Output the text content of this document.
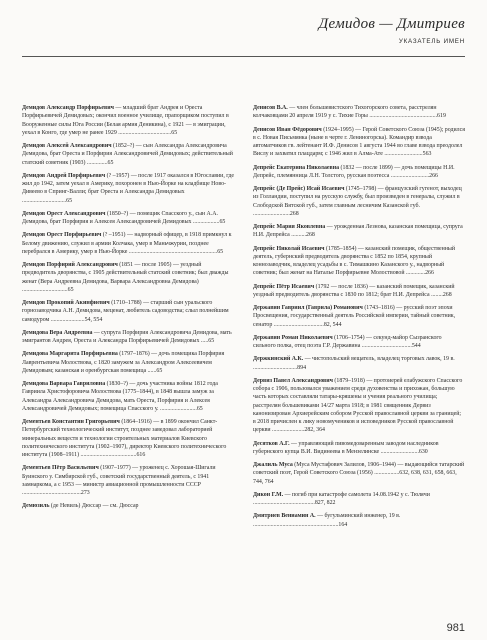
Демидов — Дмитриев
УКАЗАТЕЛЬ ИМЕН

Демидов Александр Порфирьевич — младший брат Андрея и Ореста Порфирьевичей Демидовых; окончил военное училище, прапорщиком поступил в Вооруженные силы Юга России (Белая армия Деникина), с 1921 — в эмиграции, уехал в Конго, где умер не ранее 1929 ....................................65

Демидов Алексей Александрович (1852–?) — сын Александра Александровича Демидова, брат Ореста и Порфирия Александровичей Демидовых; действительный статский советник (1903) ..............65

Демидов Андрей Порфирьевич (? –1957) — после 1917 оказался в Югославии, где жил до 1942, затем уехал в Америку, похоронен в Нью-Йорке на кладбище Ново-Дивеево в Спринг-Валли; брат Ореста и Александра Демидовых ..............................65

Демидов Орест Александрович (1850–?) — помещик Спасского у., сын А.А. Демидова, брат Порфирия и Алексея Александровичей Демидовых ..................65

Демидов Орест Порфирьевич (? –1951) — надворный офицер, в 1918 примкнул к Белому движению, служил в армии Колчака, умер в Маньчжурии, позднее перебрался в Америку, умер в Нью-Йорке ............................................................65

Демидов Порфирий Александрович (1851 — после 1905) — уездный предводитель дворянства, с 1905 действительный статский советник; был дважды женат (Вера Андреевна Демидова, Варвара Александровна Демидова) ...............................65

Демидов Прокопий Акинфиевич (1710–1788) — старший сын уральского горнозаводчика А.Н. Демидова, меценат, любитель садоводства; слыл полнейшим самодуром .......................54, 554

Демидова Вера Андреевна — супруга Порфирия Александровича Демидова, мать эмигрантов Андрея, Ореста и Александра Порфирьевичей Демидовых .....65

Демидова Маргарита Порфирьевна (1797–1876) — дочь помещика Порфирия Лаврентьевича Молоствова, с 1820 замужем за Александром Алексеевичем Демидовым; казанская и оренбургская помещица ......65

Демидова Варвара Гавриловна (1830–?) — дочь участника войны 1812 года Гавриила Христофоровича Молоствова (1775–1844), в 1848 вышла замуж за Александра Александровича Демидова, мать Ореста, Порфирия и Алексея Александровичей Демидовых; помещица Спасского у. .........................65

Дементьев Константин Григорьевич (1864–1916) — в 1899 окончил Санкт-Петербургский технологический институт, позднее заведовал лабораторией минеральных веществ и технологии строительных материалов Киевского политехнического института (1902–1907), директор Киевского политехнического института (1908–1911) ......................................616

Дементьев Пётр Васильевич (1907–1977) — уроженец с. Хорошая-Шигали Буинского у. Симбирской губ., советский государственный деятель, с 1941 замнаркома, а с 1953 — министр авиационной промышленности СССР ........................................273

Демюзиль (де Невиль) Дюссар — см. Дюссар

Денисов В.А. — член большевистского Тихогорского совета, расстрелян колчаковцами 20 апреля 1919 у с. Тихие Горы ..............................................619

Денисов Иван Фёдорович (1924–1995) — Герой Советского Союза (1945); родился в с. Новая Письмянка (ныне в черте г. Лениногорска). Командир взвода автоматчиков гв. лейтенант И.Ф. Денисов 1 августа 1944 во главе взвода преодолел Вислу и захватил плацдарм; с 1946 жил в Алма-Ате ..........................563

Депрейс Екатерина Николаевна (1832 — после 1899) — дочь помещицы Н.И. Депрейс, племянница Л.Н. Толстого, русская поэтесса ..........................266

Депрейс (Де Прейс) Исай Исаевич (1745–1798) — французский гугенот, выходец из Голландии, поступил на русскую службу, был произведен в генералы, служил в Слободской Вятской губ., затем главным лесничим Казанской губ. .........................268

Депрейс Мария Яковлевна — урожденная Лезнова, казанская помещица, супруга Н.И. Депрейса ..........268

Депрейс Николай Исаевич (1785–1854) — казанский помещик, общественный деятель, губернский предводитель дворянства с 1852 по 1854, крупный коннозаводчик, владелец усадьбы в с. Тимашкино Казанского у., надворный советник; был женат на Наталье Порфирьевне Молоствовой .............266

Депрейс Пётр Исаевич (1792 — после 1836) — казанский помещик, казанский уездный предводитель дворянства с 1830 по 1812; брат Н.И. Депрейса ........268

Державин Гавриил (Гаврила) Романович (1743–1816) — русский поэт эпохи Просвещения, государственный деятель Российской империи, тайный советник, сенатор ..................................82, 544

Державин Роман Николаевич (1706–1754) — секунд-майор Сызранского сильного полка, отец поэта Г.Р. Державина ..................................544

Держкинский А.К. — чистопольский вещатель, владелец торговых лавок, 19 в. ..............................894

Дервиз Павел Александрович (1879–1918) — протоиерей елабужского Спасского собора с 1906, пользовался уважением среди духовенства и прихожан, большую часть которых составляли татары-кряшены и учения реального училища; расстрелян большевиками 14/27 марта 1918; в 1981 священник Дервиз канонизирован Архиерейским собором Русской православной церкви за границей; в 2018 причислен к лику новомучеников и исповедников Русской православной церкви ......................282, 364

Десятков А.Г. — управляющий пивомедоваренным заводом наследников губернского купца В.И. Видинеева в Мензелинске ..........................630

Джалиль Муса (Муса Мустафович Залилов, 1906–1944) — выдающийся татарский советский поэт, Герой Советского Союза (1956) .................632, 638, 631, 658, 663, 744, 764

Дикон Г.М. — погиб при катастрофе самолета 14.08.1942 у с. Тюлячи ..........................................827, 822

Дмитриев Вениамин А. — бугульминский инженер, 19 в. ..........................................................164

981
